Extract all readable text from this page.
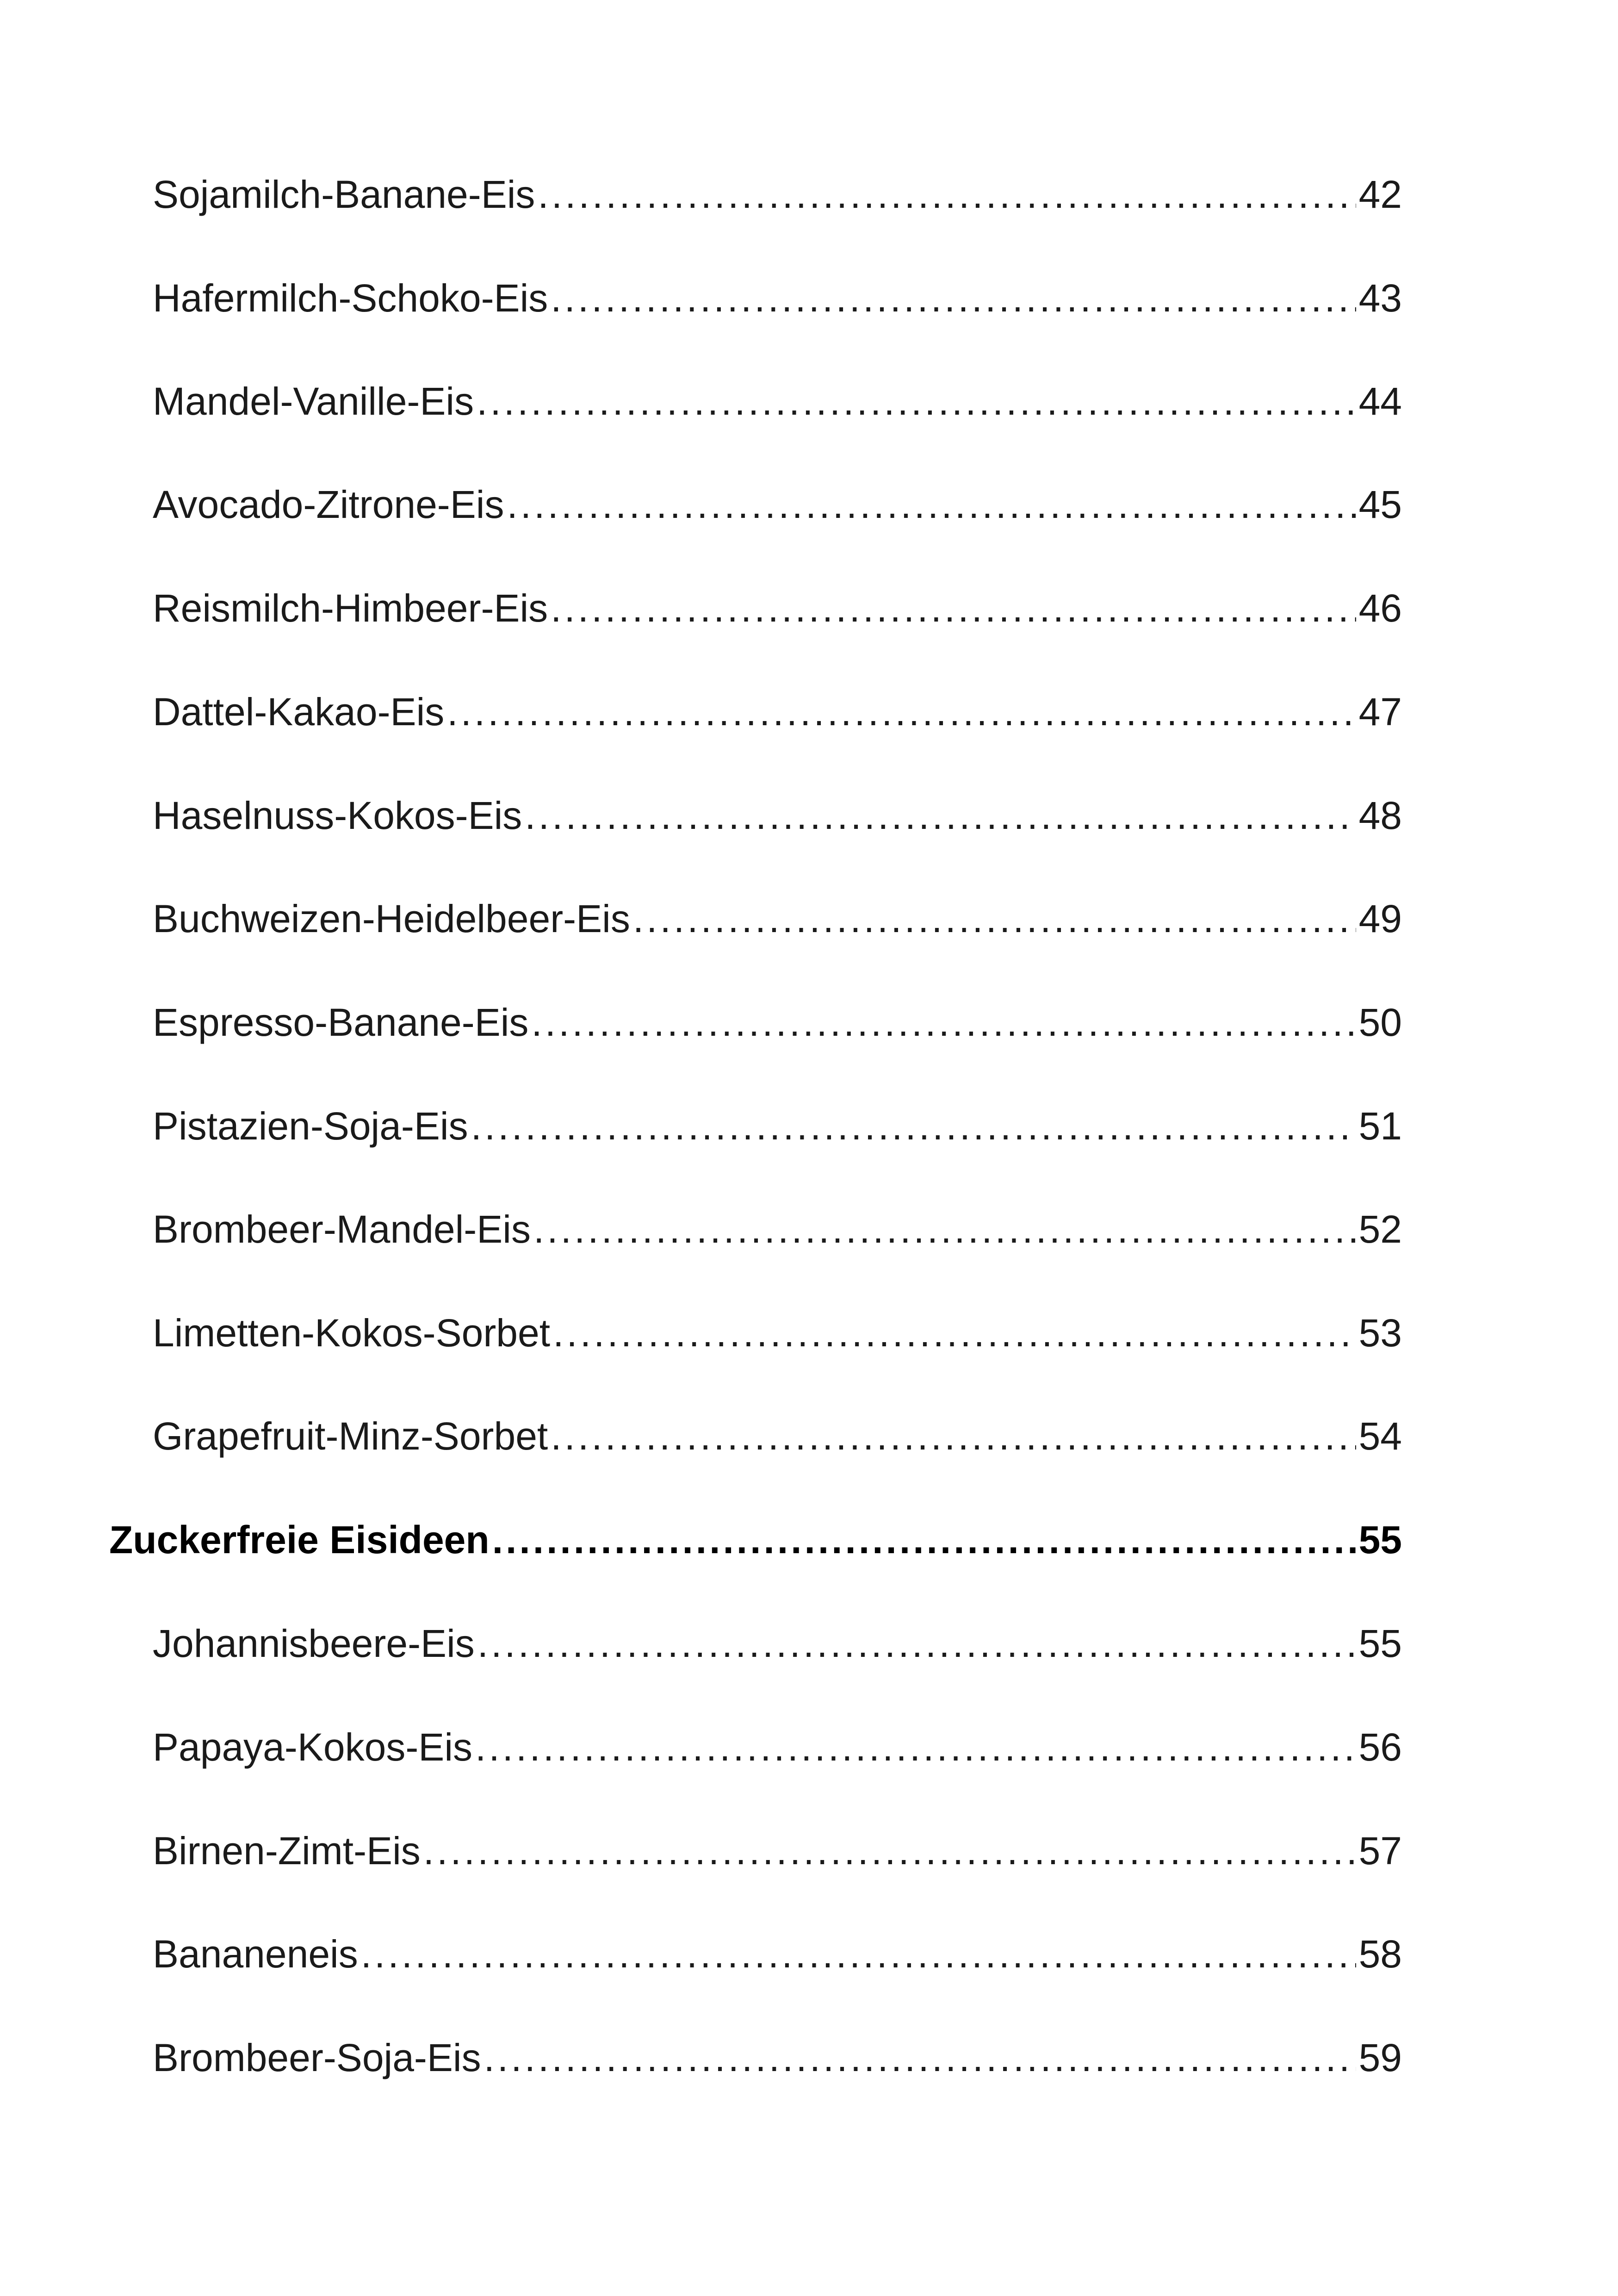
Sojamilch-Banane-Eis .....	42
Hafermilch-Schoko-Eis .....	43
Mandel-Vanille-Eis .....	44
Avocado-Zitrone-Eis .....	45
Reismilch-Himbeer-Eis .....	46
Dattel-Kakao-Eis .....	47
Haselnuss-Kokos-Eis .....	48
Buchweizen-Heidelbeer-Eis .....	49
Espresso-Banane-Eis .....	50
Pistazien-Soja-Eis .....	51
Brombeer-Mandel-Eis .....	52
Limetten-Kokos-Sorbet .....	53
Grapefruit-Minz-Sorbet .....	54
Zuckerfreie Eisideen .....	55
Johannisbeere-Eis .....	55
Papaya-Kokos-Eis .....	56
Birnen-Zimt-Eis .....	57
Bananeneis .....	58
Brombeer-Soja-Eis .....	59
